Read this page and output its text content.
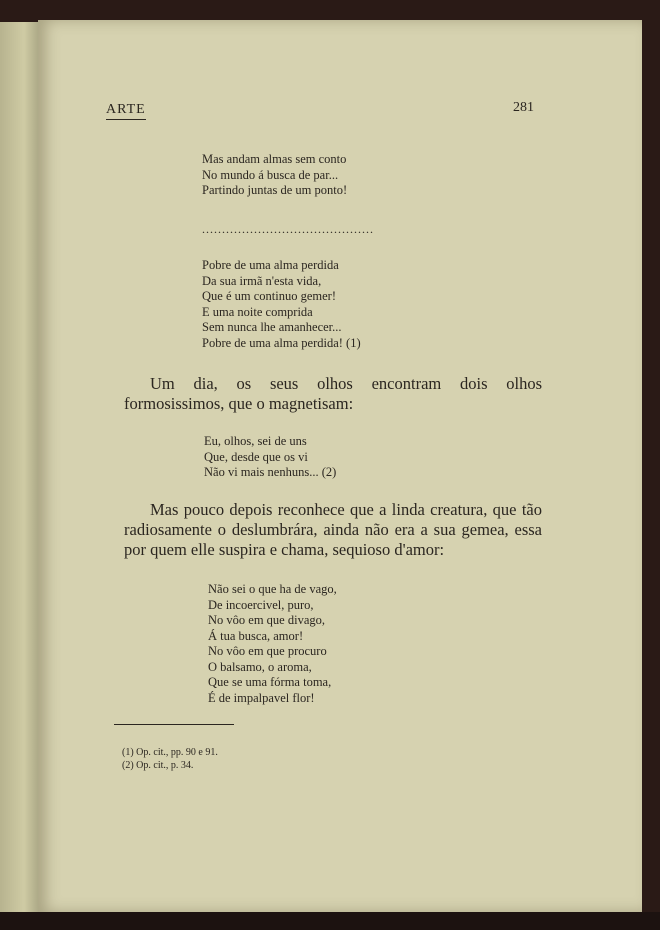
ARTE	281
Mas andam almas sem conto
No mundo á busca de par...
Partindo juntas de um ponto!
...........................................
Pobre de uma alma perdida
Da sua irmã n'esta vida,
Que é um continuo gemer!
E uma noite comprida
Sem nunca lhe amanhecer...
Pobre de uma alma perdida! (1)

Um dia, os seus olhos encontram dois olhos formosissimos, que o magnetisam:

Eu, olhos, sei de uns
Que, desde que os vi
Não vi mais nenhuns... (2)

Mas pouco depois reconhece que a linda creatura, que tão radiosamente o deslumbrára, ainda não era a sua gemea, essa por quem elle suspira e chama, sequioso d'amor:

Não sei o que ha de vago,
De incoercivel, puro,
No vôo em que divago,
Á tua busca, amor!
No vôo em que procuro
O balsamo, o aroma,
Que se uma fórma toma,
É de impalpavel flor!
(1) Op. cit., pp. 90 e 91.
(2) Op. cit., p. 34.
